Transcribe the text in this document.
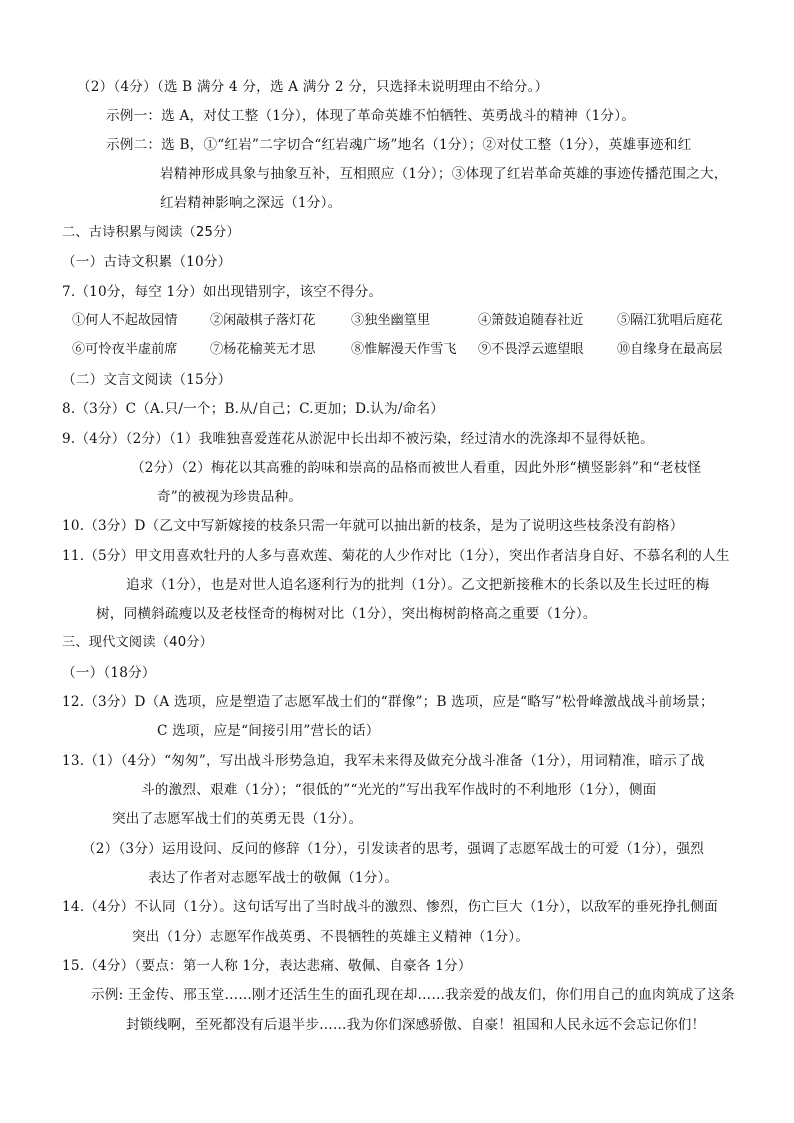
（2）（4分）（选 B 满分 4 分，选 A 满分 2 分，只选择未说明理由不给分。）
示例一：选 A，对仗工整（1分），体现了革命英雄不怕牺牲、英勇战斗的精神（1分）。
示例二：选 B，①“红岩”二字切合“红岩魂广场”地名（1分）；②对仗工整（1分），英雄事迹和红
岩精神形成具象与抽象互补，互相照应（1分）；③体现了红岩革命英雄的事迹传播范围之大，
红岩精神影响之深远（1分）。
二、古诗积累与阅读（25分）
（一）古诗文积累（10分）
7.（10分，每空 1分）如出现错别字，该空不得分。
①何人不起故园情 ②闲敲棋子落灯花	③独坐幽篁里	④箫鼓追随春社近	⑤隔江犹唱后庭花
⑥可怜夜半虚前席 ⑦杨花榆荚无才思	⑧惟解漫天作雪飞 ⑨不畏浮云遮望眼	⑩自缘身在最高层
（二）文言文阅读（15分）
8.（3分）C（A.只/一个；B.从/自己；C.更加；D.认为/命名）
9.（4分）（2分）（1）我唯独喜爱莲花从淤泥中长出却不被污染，经过清水的洗涤却不显得妖艳。
（2分）（2）梅花以其高雅的韵味和崇高的品格而被世人看重，因此外形“横竖影斜”和“老枝怪
奇”的被视为珍贵品种。
10.（3分）D（乙文中写新嫁接的枝条只需一年就可以抽出新的枝条，是为了说明这些枝条没有韵格）
11.（5分）甲文用喜欢牡丹的人多与喜欢莲、菊花的人少作对比（1分），突出作者洁身自好、不慕名利的人生
追求（1分），也是对世人追名逐利行为的批判（1分）。乙文把新接稚木的长条以及生长过旺的梅
树，同横斜疏瘦以及老枝怪奇的梅树对比（1分），突出梅树韵格高之重要（1分）。
三、现代文阅读（40分）
（一）（18分）
12.（3分）D（A 选项，应是塑造了志愿军战士们的“群像”；B 选项，应是“略写”松骨峰激战战斗前场景；
C 选项，应是“间接引用”营长的话）
13.（1）（4分）“匆匆”，写出战斗形势急迫，我军未来得及做充分战斗准备（1分），用词精准，暗示了战
斗的激烈、艰难（1分）；“很低的”“光光的”写出我军作战时的不利地形（1分），侧面
突出了志愿军战士们的英勇无畏（1分）。
（2）（3分）运用设问、反问的修辞（1分），引发读者的思考，强调了志愿军战士的可爱（1分），强烈
表达了作者对志愿军战士的敬佩（1分）。
14.（4分）不认同（1分）。这句话写出了当时战斗的激烈、惨烈，伤亡巨大（1分），以敌军的垂死挣扎侧面
突出（1分）志愿军作战英勇、不畏牺牲的英雄主义精神（1分）。
15.（4分）（要点：第一人称 1分，表达悲痛、敬佩、自豪各 1分）
示例: 王金传、邢玉堂……刚才还活生生的面孔现在却……我亲爱的战友们，你们用自己的血肉筑成了这条
封锁线啊，至死都没有后退半步……我为你们深感骄傲、自豪！祖国和人民永远不会忘记你们！
